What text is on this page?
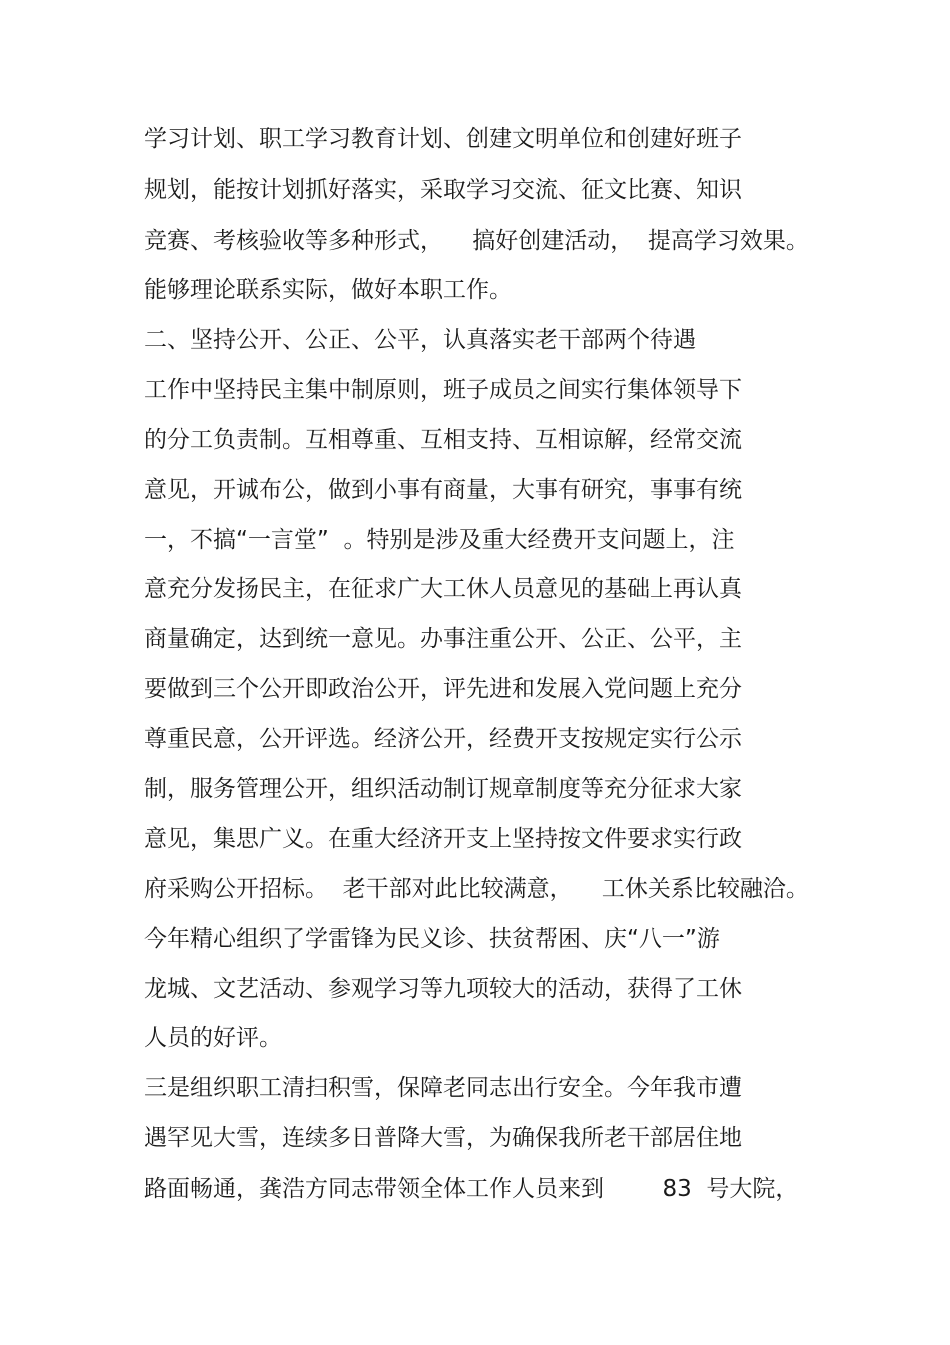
学习计划、职工学习教育计划、创建文明单位和创建好班子
规划，能按计划抓好落实，采取学习交流、征文比赛、知识
竞赛、考核验收等多种形式，    搞好创建活动，  提高学习效果。
能够理论联系实际，做好本职工作。
二、坚持公开、公正、公平，认真落实老干部两个待遇
工作中坚持民主集中制原则，班子成员之间实行集体领导下
的分工负责制。互相尊重、互相支持、互相谅解，经常交流
意见，开诚布公，做到小事有商量，大事有研究，事事有统
一，不搞“一言堂”  。特别是涉及重大经费开支问题上，注
意充分发扬民主，在征求广大工休人员意见的基础上再认真
商量确定，达到统一意见。办事注重公开、公正、公平，主
要做到三个公开即政治公开，评先进和发展入党问题上充分
尊重民意，公开评选。经济公开，经费开支按规定实行公示
制，服务管理公开，组织活动制订规章制度等充分征求大家
意见，集思广义。在重大经济开支上坚持按文件要求实行政
府采购公开招标。  老干部对此比较满意，    工休关系比较融洽。
今年精心组织了学雷锋为民义诊、扶贫帮困、庆“八一”游
龙城、文艺活动、参观学习等九项较大的活动，获得了工休
人员的好评。
三是组织职工清扫积雪，保障老同志出行安全。今年我市遭
遇罕见大雪，连续多日普降大雪，为确保我所老干部居住地
路面畅通，龚浩方同志带领全体工作人员来到        83  号大院，
